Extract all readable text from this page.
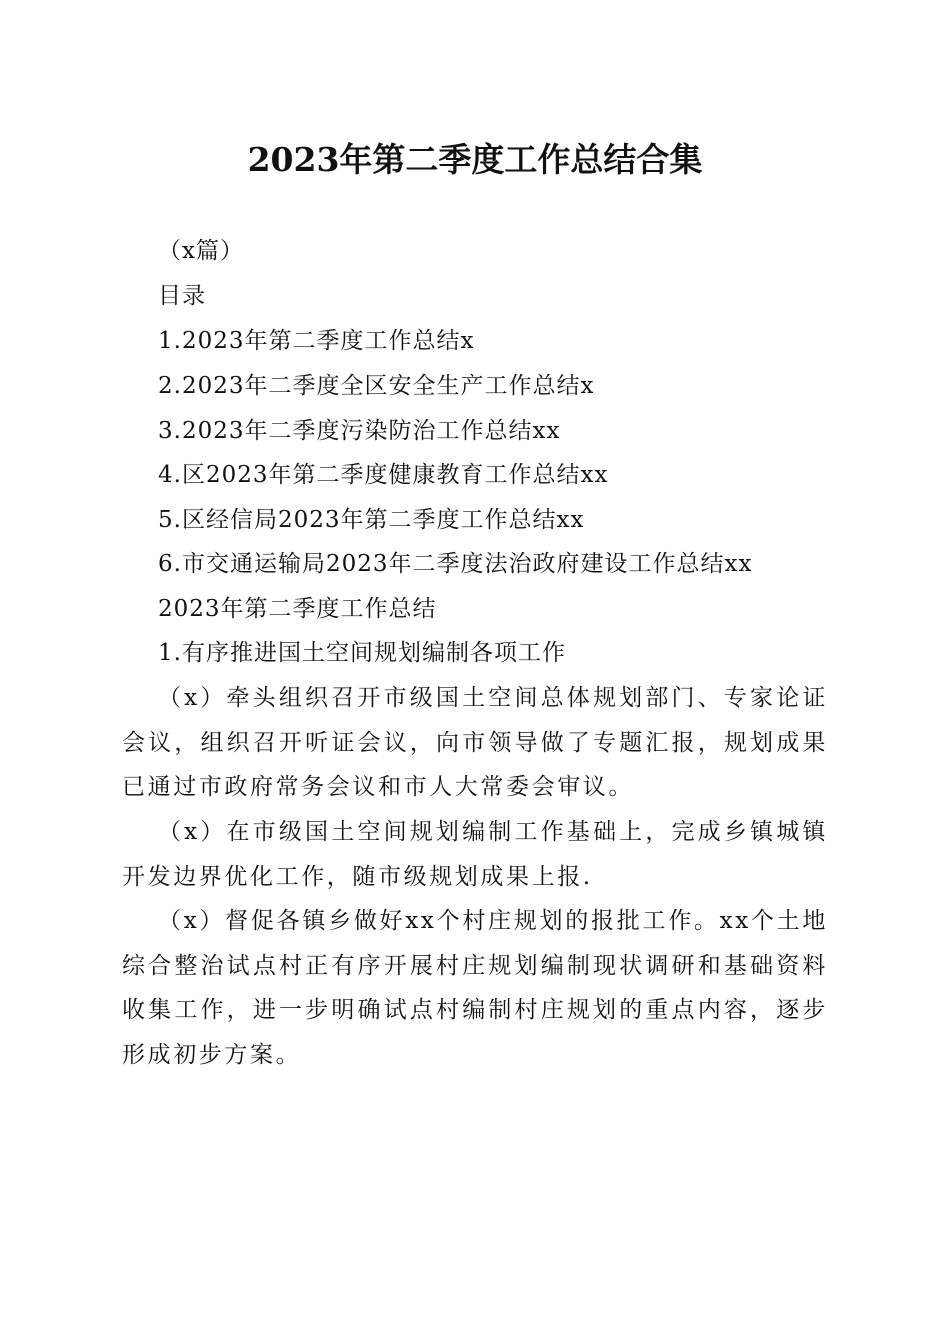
2023年第二季度工作总结合集
（x篇）
目录
1.2023年第二季度工作总结x
2.2023年二季度全区安全生产工作总结x
3.2023年二季度污染防治工作总结xx
4.区2023年第二季度健康教育工作总结xx
5.区经信局2023年第二季度工作总结xx
6.市交通运输局2023年二季度法治政府建设工作总结xx
2023年第二季度工作总结
1.有序推进国土空间规划编制各项工作

（x）牵头组织召开市级国土空间总体规划部门、专家论证会议，组织召开听证会议，向市领导做了专题汇报，规划成果已通过市政府常务会议和市人大常委会审议。

（x）在市级国土空间规划编制工作基础上，完成乡镇城镇开发边界优化工作，随市级规划成果上报.

（x）督促各镇乡做好xx个村庄规划的报批工作。xx个土地综合整治试点村正有序开展村庄规划编制现状调研和基础资料收集工作，进一步明确试点村编制村庄规划的重点内容，逐步形成初步方案。
